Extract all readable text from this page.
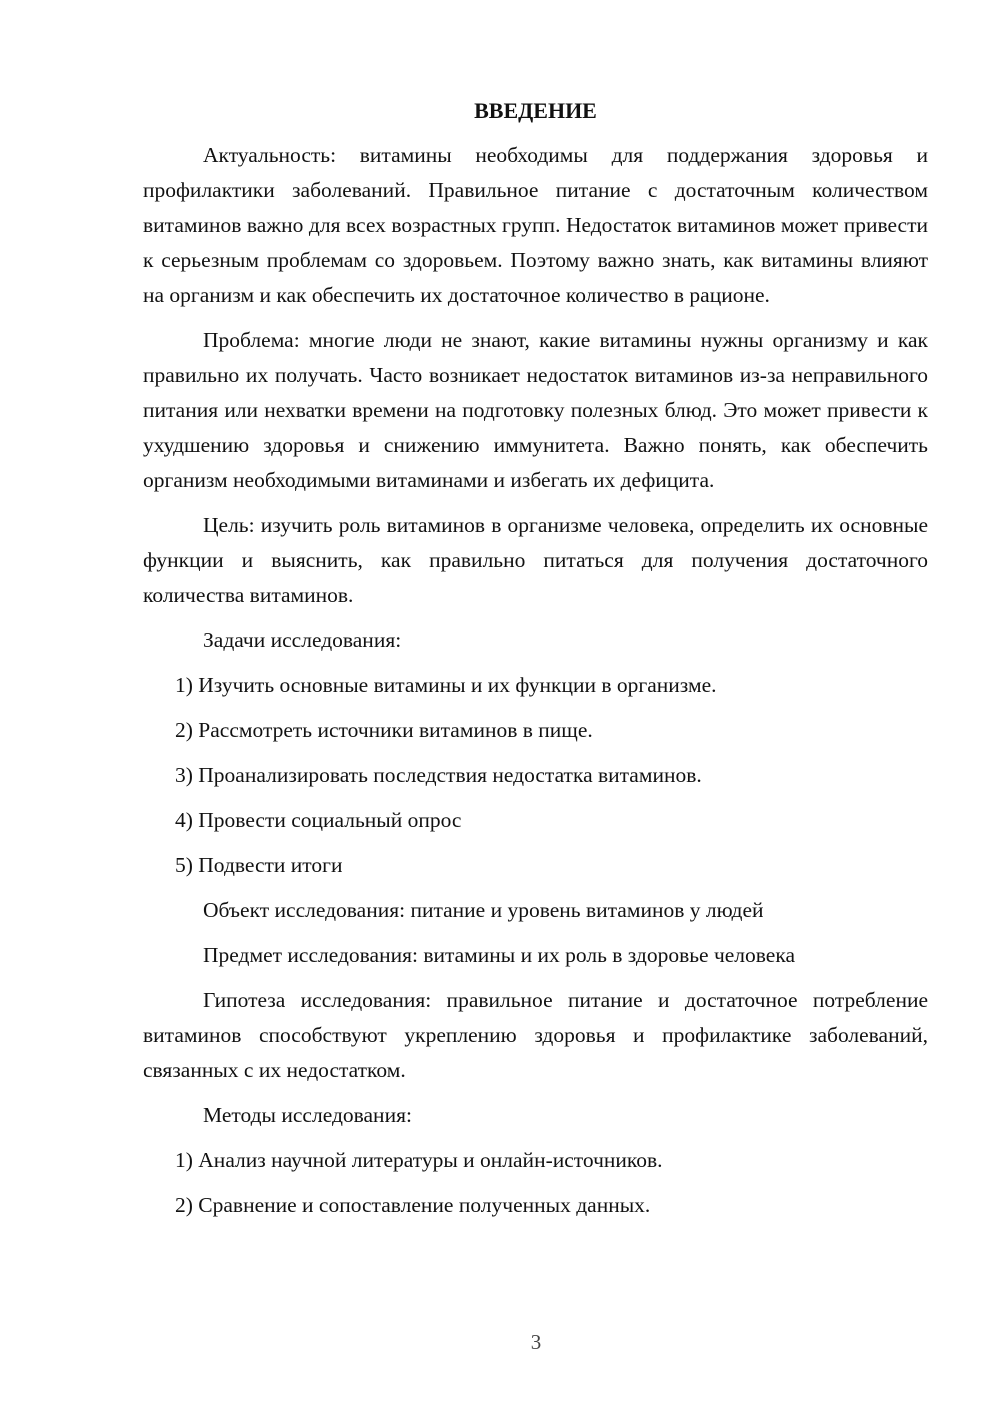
ВВЕДЕНИЕ

Актуальность: витамины необходимы для поддержания здоровья и профилактики заболеваний. Правильное питание с достаточным количеством витаминов важно для всех возрастных групп. Недостаток витаминов может привести к серьезным проблемам со здоровьем. Поэтому важно знать, как витамины влияют на организм и как обеспечить их достаточное количество в рационе.

Проблема: многие люди не знают, какие витамины нужны организму и как правильно их получать. Часто возникает недостаток витаминов из-за неправильного питания или нехватки времени на подготовку полезных блюд. Это может привести к ухудшению здоровья и снижению иммунитета. Важно понять, как обеспечить организм необходимыми витаминами и избегать их дефицита.

Цель: изучить роль витаминов в организме человека, определить их основные функции и выяснить, как правильно питаться для получения достаточного количества витаминов.

Задачи исследования:
1) Изучить основные витамины и их функции в организме.
2) Рассмотреть источники витаминов в пище.
3) Проанализировать последствия недостатка витаминов.
4) Провести социальный опрос
5) Подвести итоги
Объект исследования: питание и уровень витаминов у людей
Предмет исследования: витамины и их роль в здоровье человека

Гипотеза исследования: правильное питание и достаточное потребление витаминов способствуют укреплению здоровья и профилактике заболеваний, связанных с их недостатком.

Методы исследования:
1) Анализ научной литературы и онлайн-источников.
2) Сравнение и сопоставление полученных данных.
3
